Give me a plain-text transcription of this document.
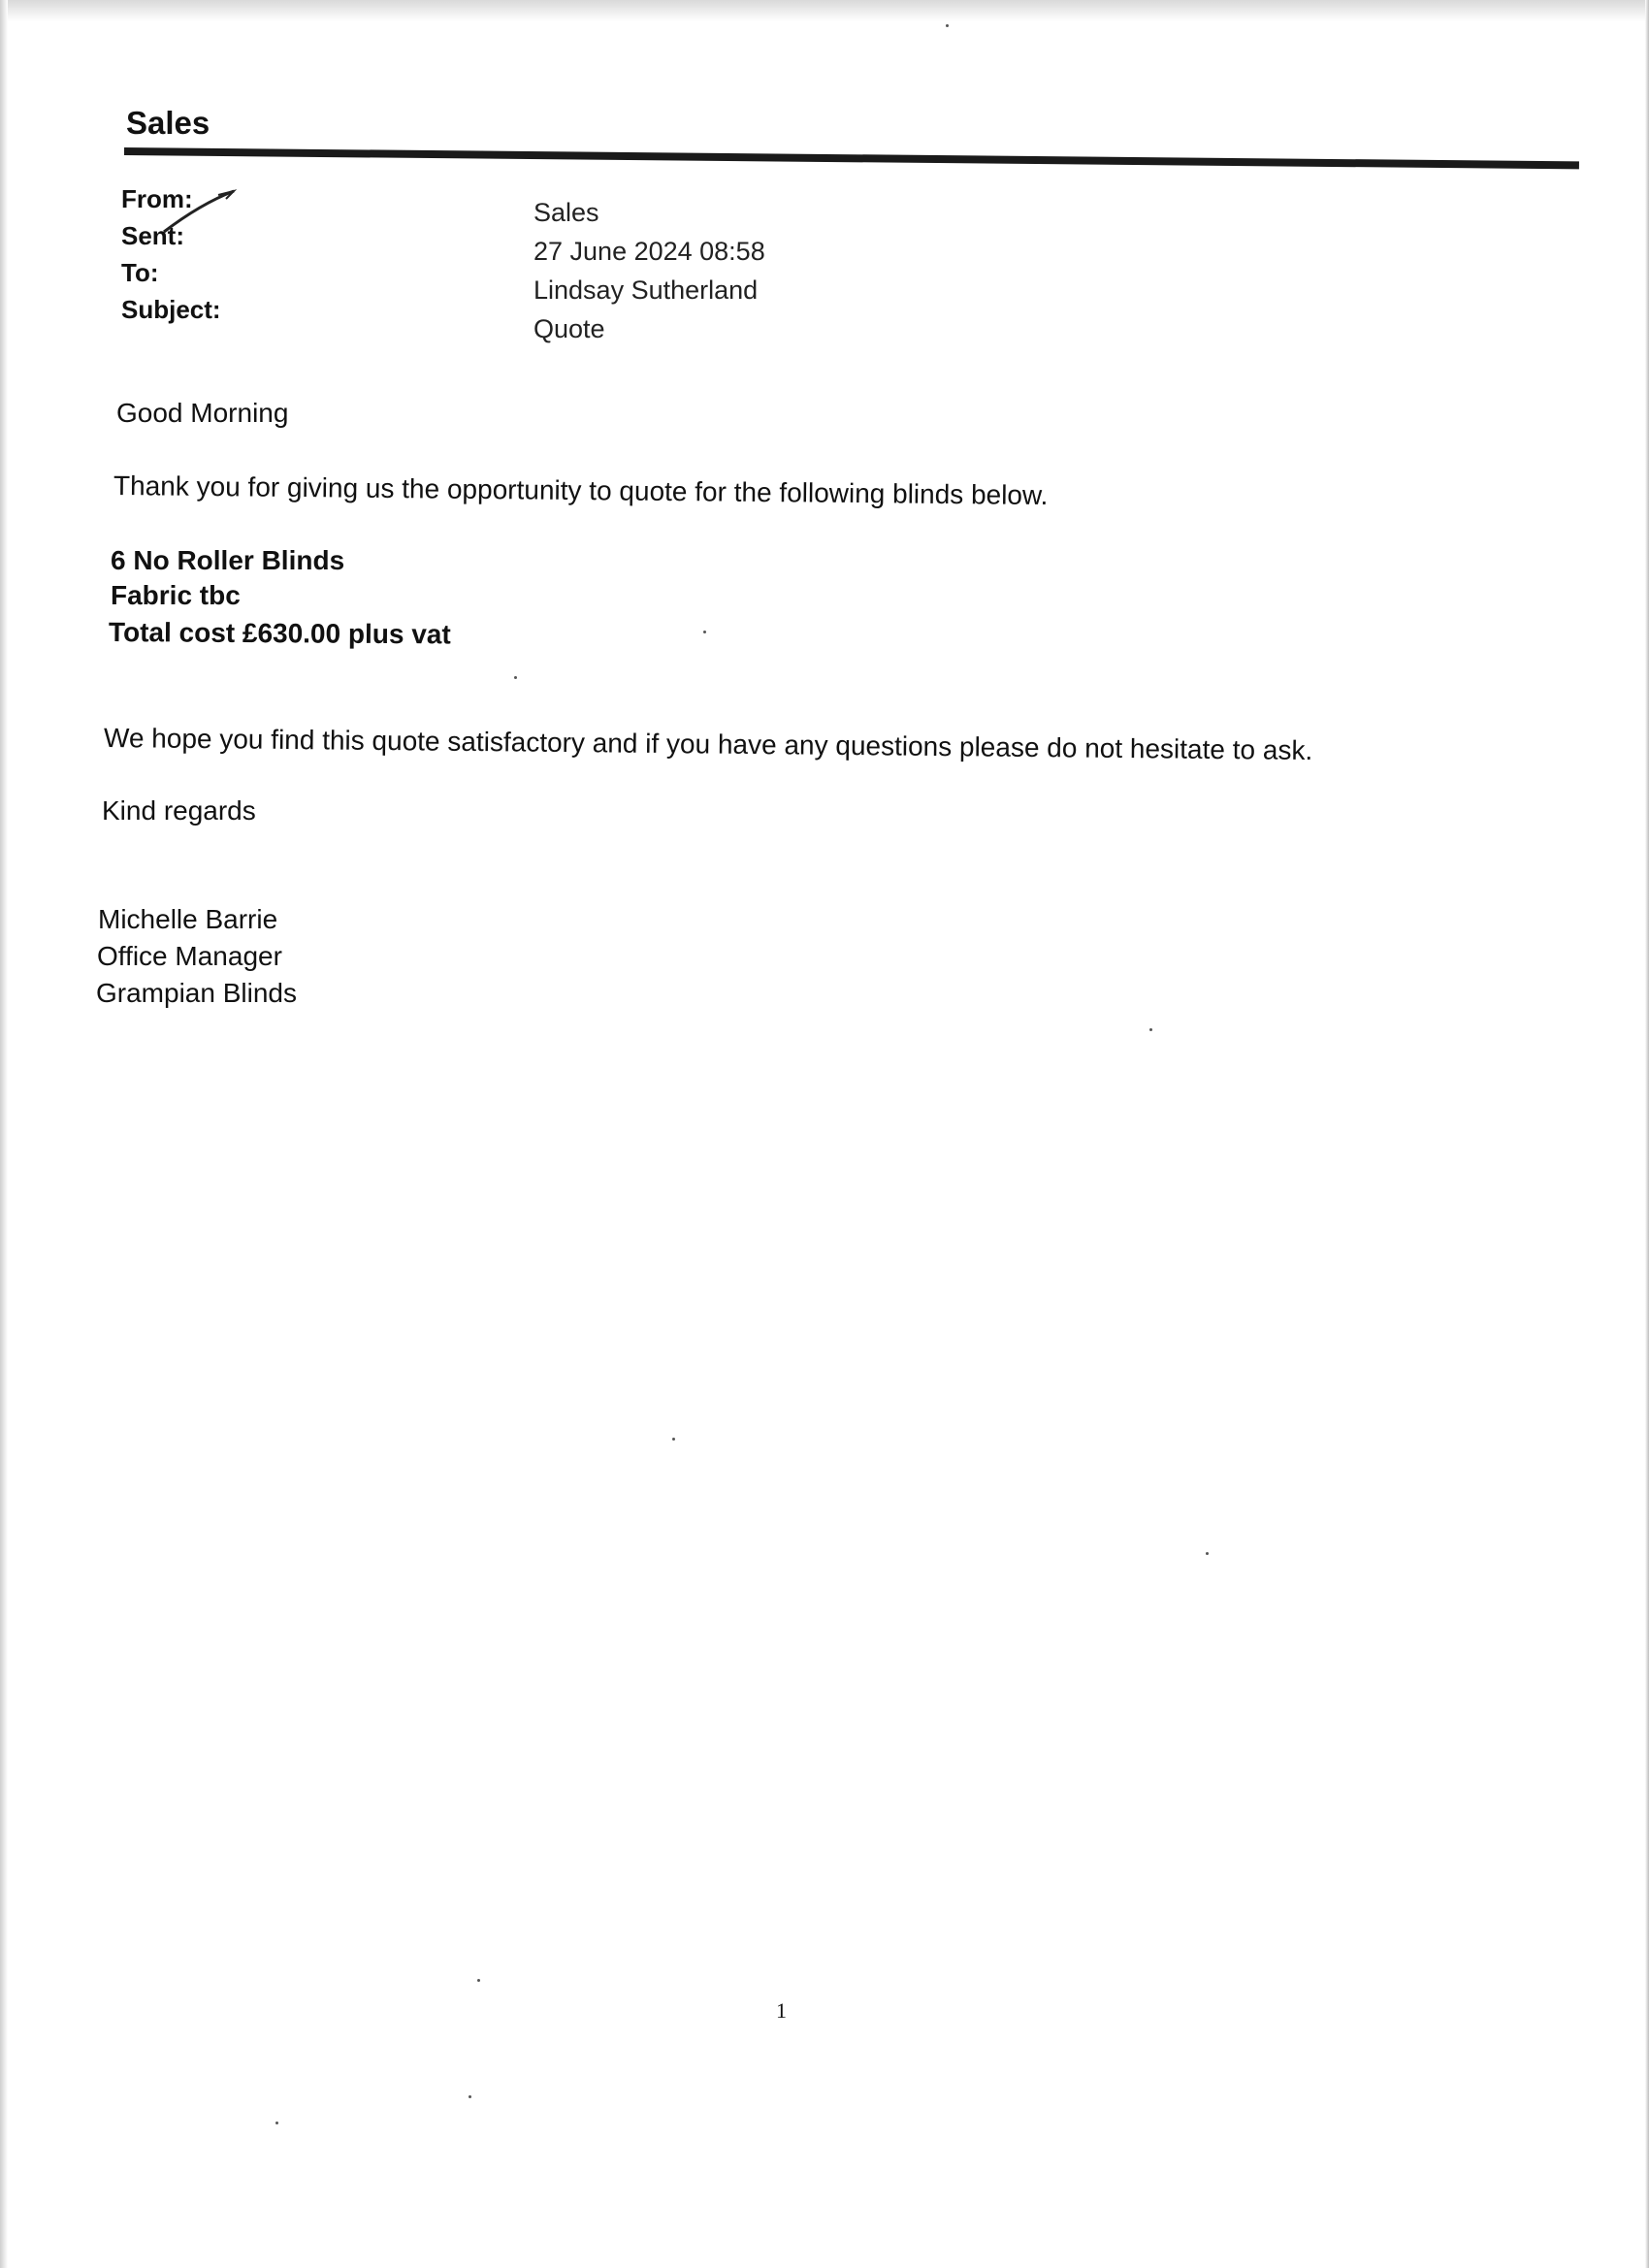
Sales
From:	Sales
Sent:
27 June 2024 08:58
To:
Lindsay Sutherland
Subject:
Quote

Good Morning

Thank you for giving us the opportunity to quote for the following blinds below.

6 No Roller Blinds

Fabric tbc

Total cost £630.00 plus vat

We hope you find this quote satisfactory and if you have any questions please do not hesitate to ask.

Kind regards

Michelle Barrie

Office Manager

Grampian Blinds

1
